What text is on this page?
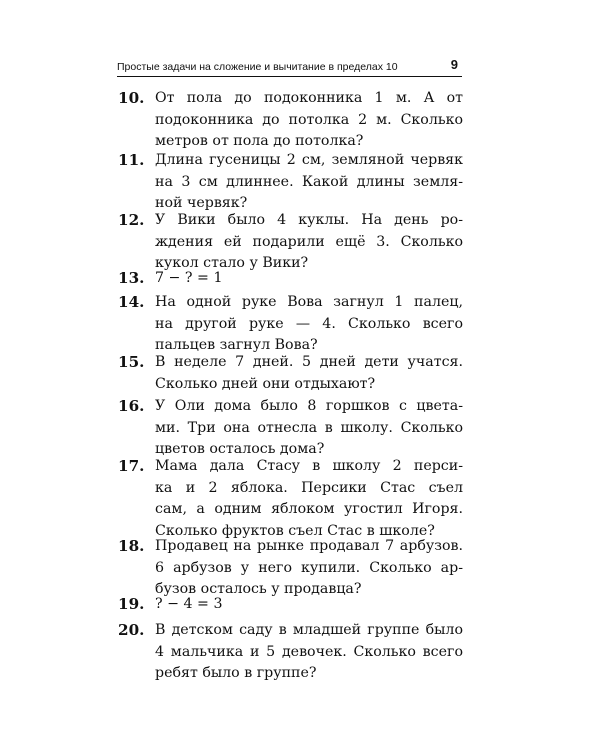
Простые задачи на сложение и вычитание в пределах 10	9
10. От пола до подоконника 1 м. А от
подоконника до потолка 2 м. Сколько
метров от пола до потолка?
11. Длина гусеницы 2 см, земляной червяк
на 3 см длиннее. Какой длины земля-
ной червяк?
12. У Вики было 4 куклы. На день ро-
ждения ей подарили ещё 3. Сколько
кукол стало у Вики?
13. 7 − ? = 1
14. На одной руке Вова загнул 1 палец,
на другой руке — 4. Сколько всего
пальцев загнул Вова?
15. В неделе 7 дней. 5 дней дети учатся.
Сколько дней они отдыхают?
16. У Оли дома было 8 горшков с цвета-
ми. Три она отнесла в школу. Сколько
цветов осталось дома?
17. Мама дала Стасу в школу 2 перси-
ка и 2 яблока. Персики Стас съел
сам, а одним яблоком угостил Игоря.
Сколько фруктов съел Стас в школе?
18. Продавец на рынке продавал 7 арбузов.
6 арбузов у него купили. Сколько ар-
бузов осталось у продавца?
19. ? − 4 = 3
20. В детском саду в младшей группе было
4 мальчика и 5 девочек. Сколько всего
ребят было в группе?
